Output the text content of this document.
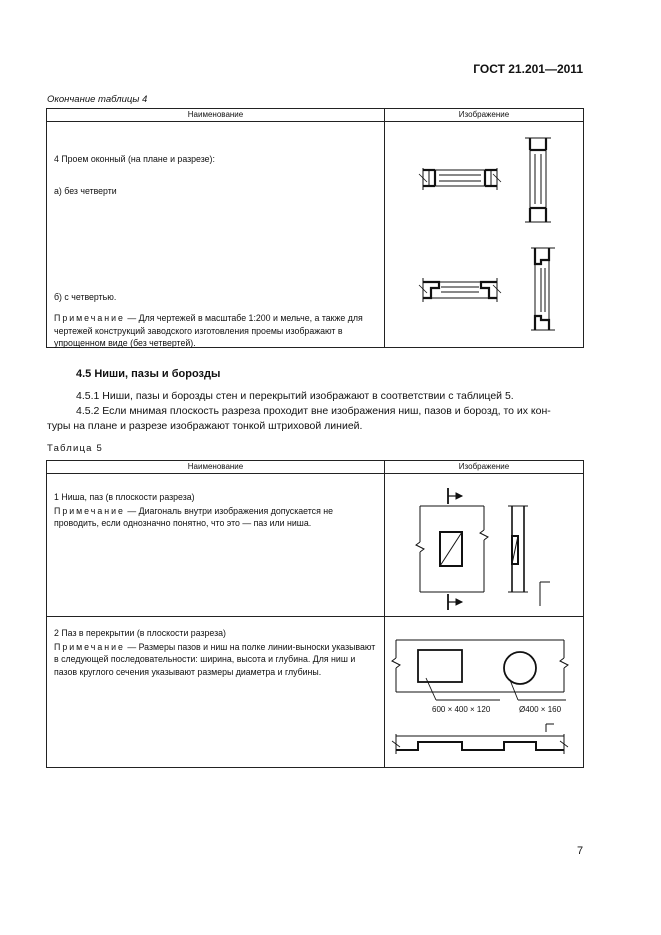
ГОСТ 21.201—2011
Окончание таблицы 4
Наименование	Изображение

4 Проем оконный (на плане и разрезе):
а) без четверти
б) с четвертью.
Примечание — Для чертежей в масштабе 1:200 и мельче, а также для чертежей конструкций заводского изготовления проемы изображают в упрощенном виде (без четвертей).	

4.5 Ниши, пазы и борозды
4.5.1 Ниши, пазы и борозды стен и перекрытий изображают в соответствии с таблицей 5.
4.5.2 Если мнимая плоскость разреза проходит вне изображения ниш, пазов и борозд, то их кон-
туры на плане и разрезе изображают тонкой штриховой линией.
Таблица 5
Наименование	Изображение

1 Ниша, паз (в плоскости разреза)
Примечание — Диагональ внутри изображения допускается не проводить, если однозначно понятно, что это — паз или ниша.	

2 Паз в перекрытии (в плоскости разреза)
Примечание — Размеры пазов и ниш на полке линии-выноски указывают в следующей последовательности: ширина, высота и глубина. Для ниш и пазов круглого сечения указывают размеры диаметра и глубины.	

600 × 400 × 120	Ø400 × 160
7
